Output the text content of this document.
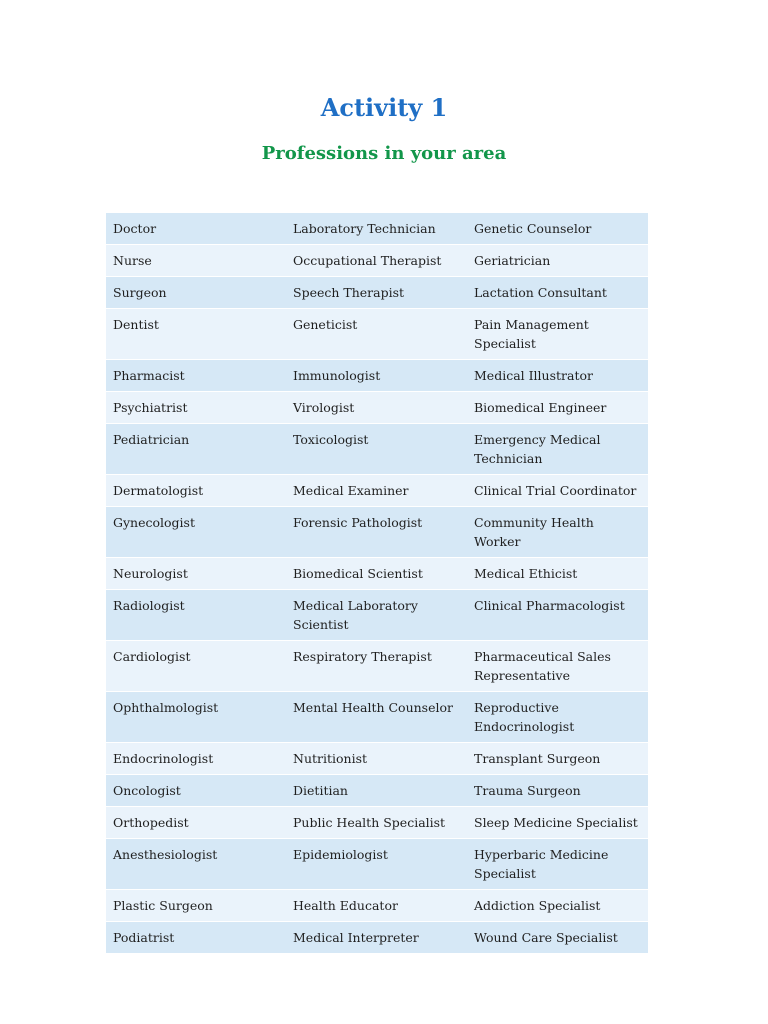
Activity 1
Professions in your area
Doctor	Laboratory Technician	Genetic Counselor
Nurse	Occupational Therapist	Geriatrician
Surgeon	Speech Therapist	Lactation Consultant
Dentist	Geneticist	Pain Management Specialist
Pharmacist	Immunologist	Medical Illustrator
Psychiatrist	Virologist	Biomedical Engineer
Pediatrician	Toxicologist	Emergency Medical Technician
Dermatologist	Medical Examiner	Clinical Trial Coordinator
Gynecologist	Forensic Pathologist	Community Health Worker
Neurologist	Biomedical Scientist	Medical Ethicist
Radiologist	Medical Laboratory Scientist	Clinical Pharmacologist
Cardiologist	Respiratory Therapist	Pharmaceutical Sales Representative
Ophthalmologist	Mental Health Counselor	Reproductive Endocrinologist
Endocrinologist	Nutritionist	Transplant Surgeon
Oncologist	Dietitian	Trauma Surgeon
Orthopedist	Public Health Specialist	Sleep Medicine Specialist
Anesthesiologist	Epidemiologist	Hyperbaric Medicine Specialist
Plastic Surgeon	Health Educator	Addiction Specialist
Podiatrist	Medical Interpreter	Wound Care Specialist
